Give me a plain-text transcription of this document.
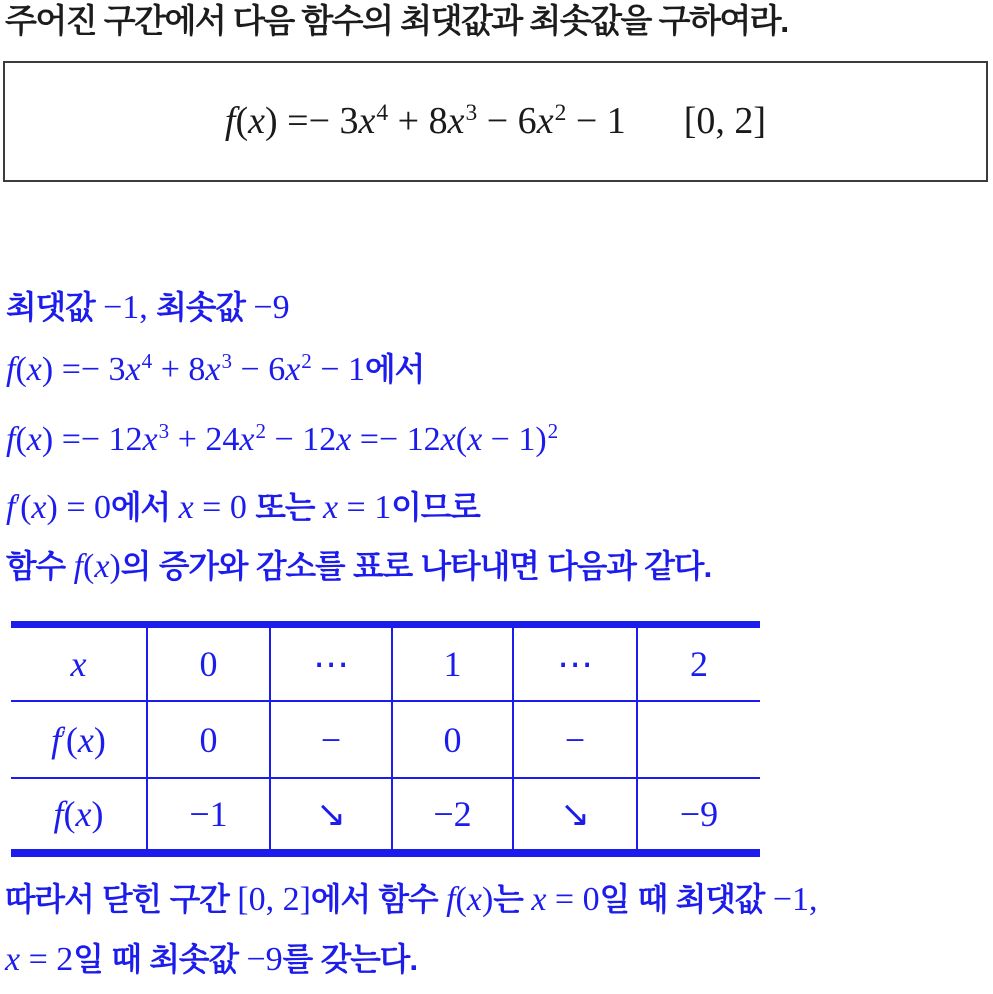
주어진 구간에서 다음 함수의 최댓값과 최솟값을 구하여라.
$f(x) =- 3x^4 + 8x^3 - 6x^2 - 1$ [0, 2]
최댓값 −1, 최솟값 −9
$f(x) =- 3x^4 + 8x^3 - 6x^2 - 1$에서
$f(x) =- 12x^3 + 24x^2 - 12x =- 12x(x - 1)^2$
f′(x) = 0에서 x = 0 또는 x = 1이므로
함수 f(x)의 증가와 감소를 표로 나타내면 다음과 같다.
x	0	⋯	1	⋯	2
f′(x)	0	−	0	−	
f(x)	−1	↘	−2	↘	−9
따라서 닫힌 구간 [0, 2]에서 함수 f(x)는 x = 0일 때 최댓값 −1,
x = 2일 때 최솟값 −9를 갖는다.
